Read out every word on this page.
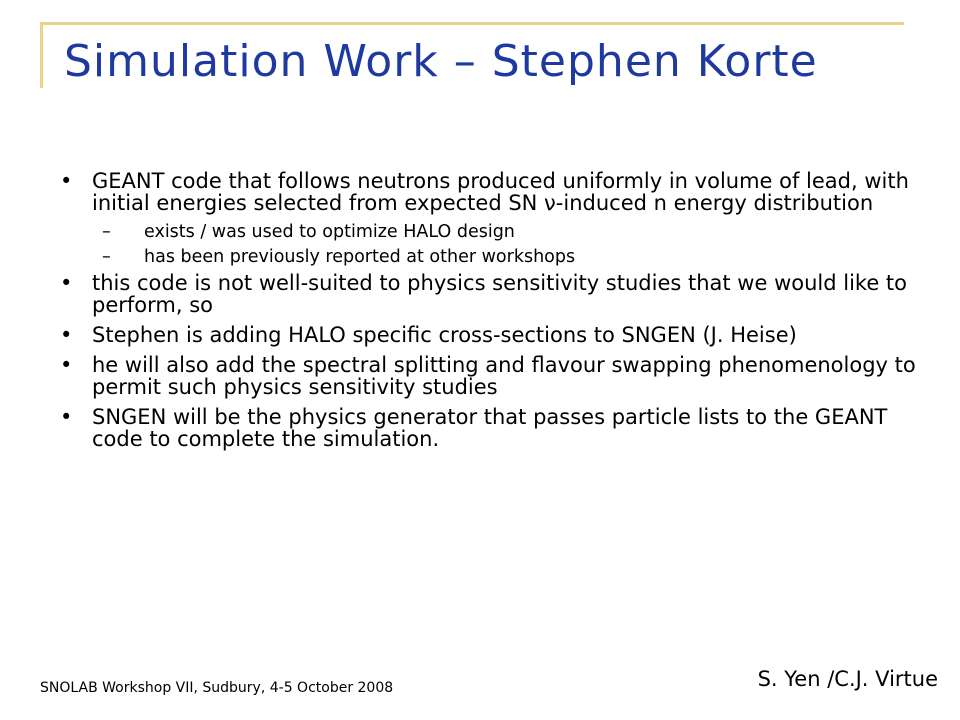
Simulation Work – Stephen Korte
• GEANT code that follows neutrons produced uniformly in volume of lead, with initial energies selected from expected SN ν-induced n energy distribution
– exists / was used to optimize HALO design
– has been previously reported at other workshops
• this code is not well-suited to physics sensitivity studies that we would like to perform, so
• Stephen is adding HALO specific cross-sections to SNGEN (J. Heise)
• he will also add the spectral splitting and flavour swapping phenomenology to permit such physics sensitivity studies
• SNGEN will be the physics generator that passes particle lists to the GEANT code to complete the simulation.
SNOLAB Workshop VII, Sudbury, 4-5 October 2008	S. Yen /C.J. Virtue
